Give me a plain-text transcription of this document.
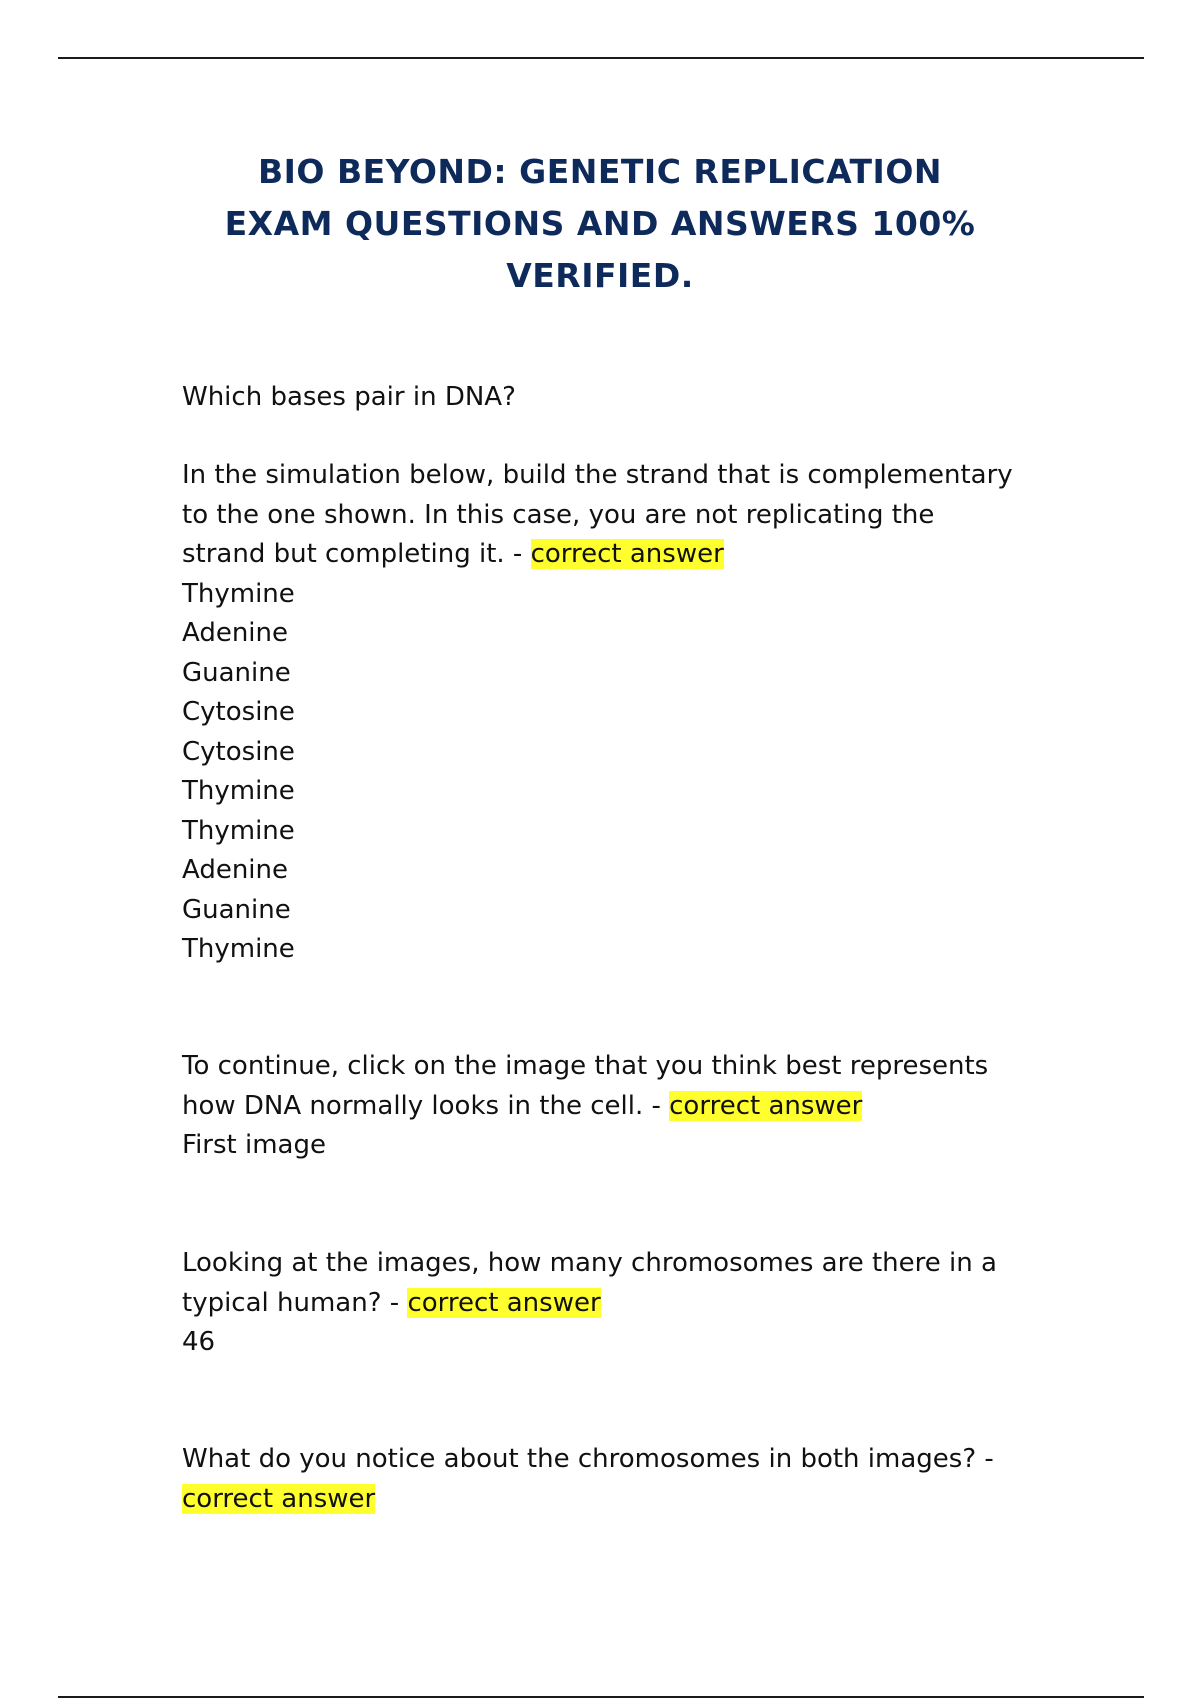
BIO BEYOND: GENETIC REPLICATION
EXAM QUESTIONS AND ANSWERS 100%
VERIFIED.

Which bases pair in DNA?

In the simulation below, build the strand that is complementary

to the one shown. In this case, you are not replicating the

strand but completing it. - correct answer

Thymine

Adenine

Guanine

Cytosine

Cytosine

Thymine

Thymine

Adenine

Guanine

Thymine

To continue, click on the image that you think best represents

how DNA normally looks in the cell. - correct answer

First image

Looking at the images, how many chromosomes are there in a

typical human? - correct answer

46

What do you notice about the chromosomes in both images? -

correct answer
